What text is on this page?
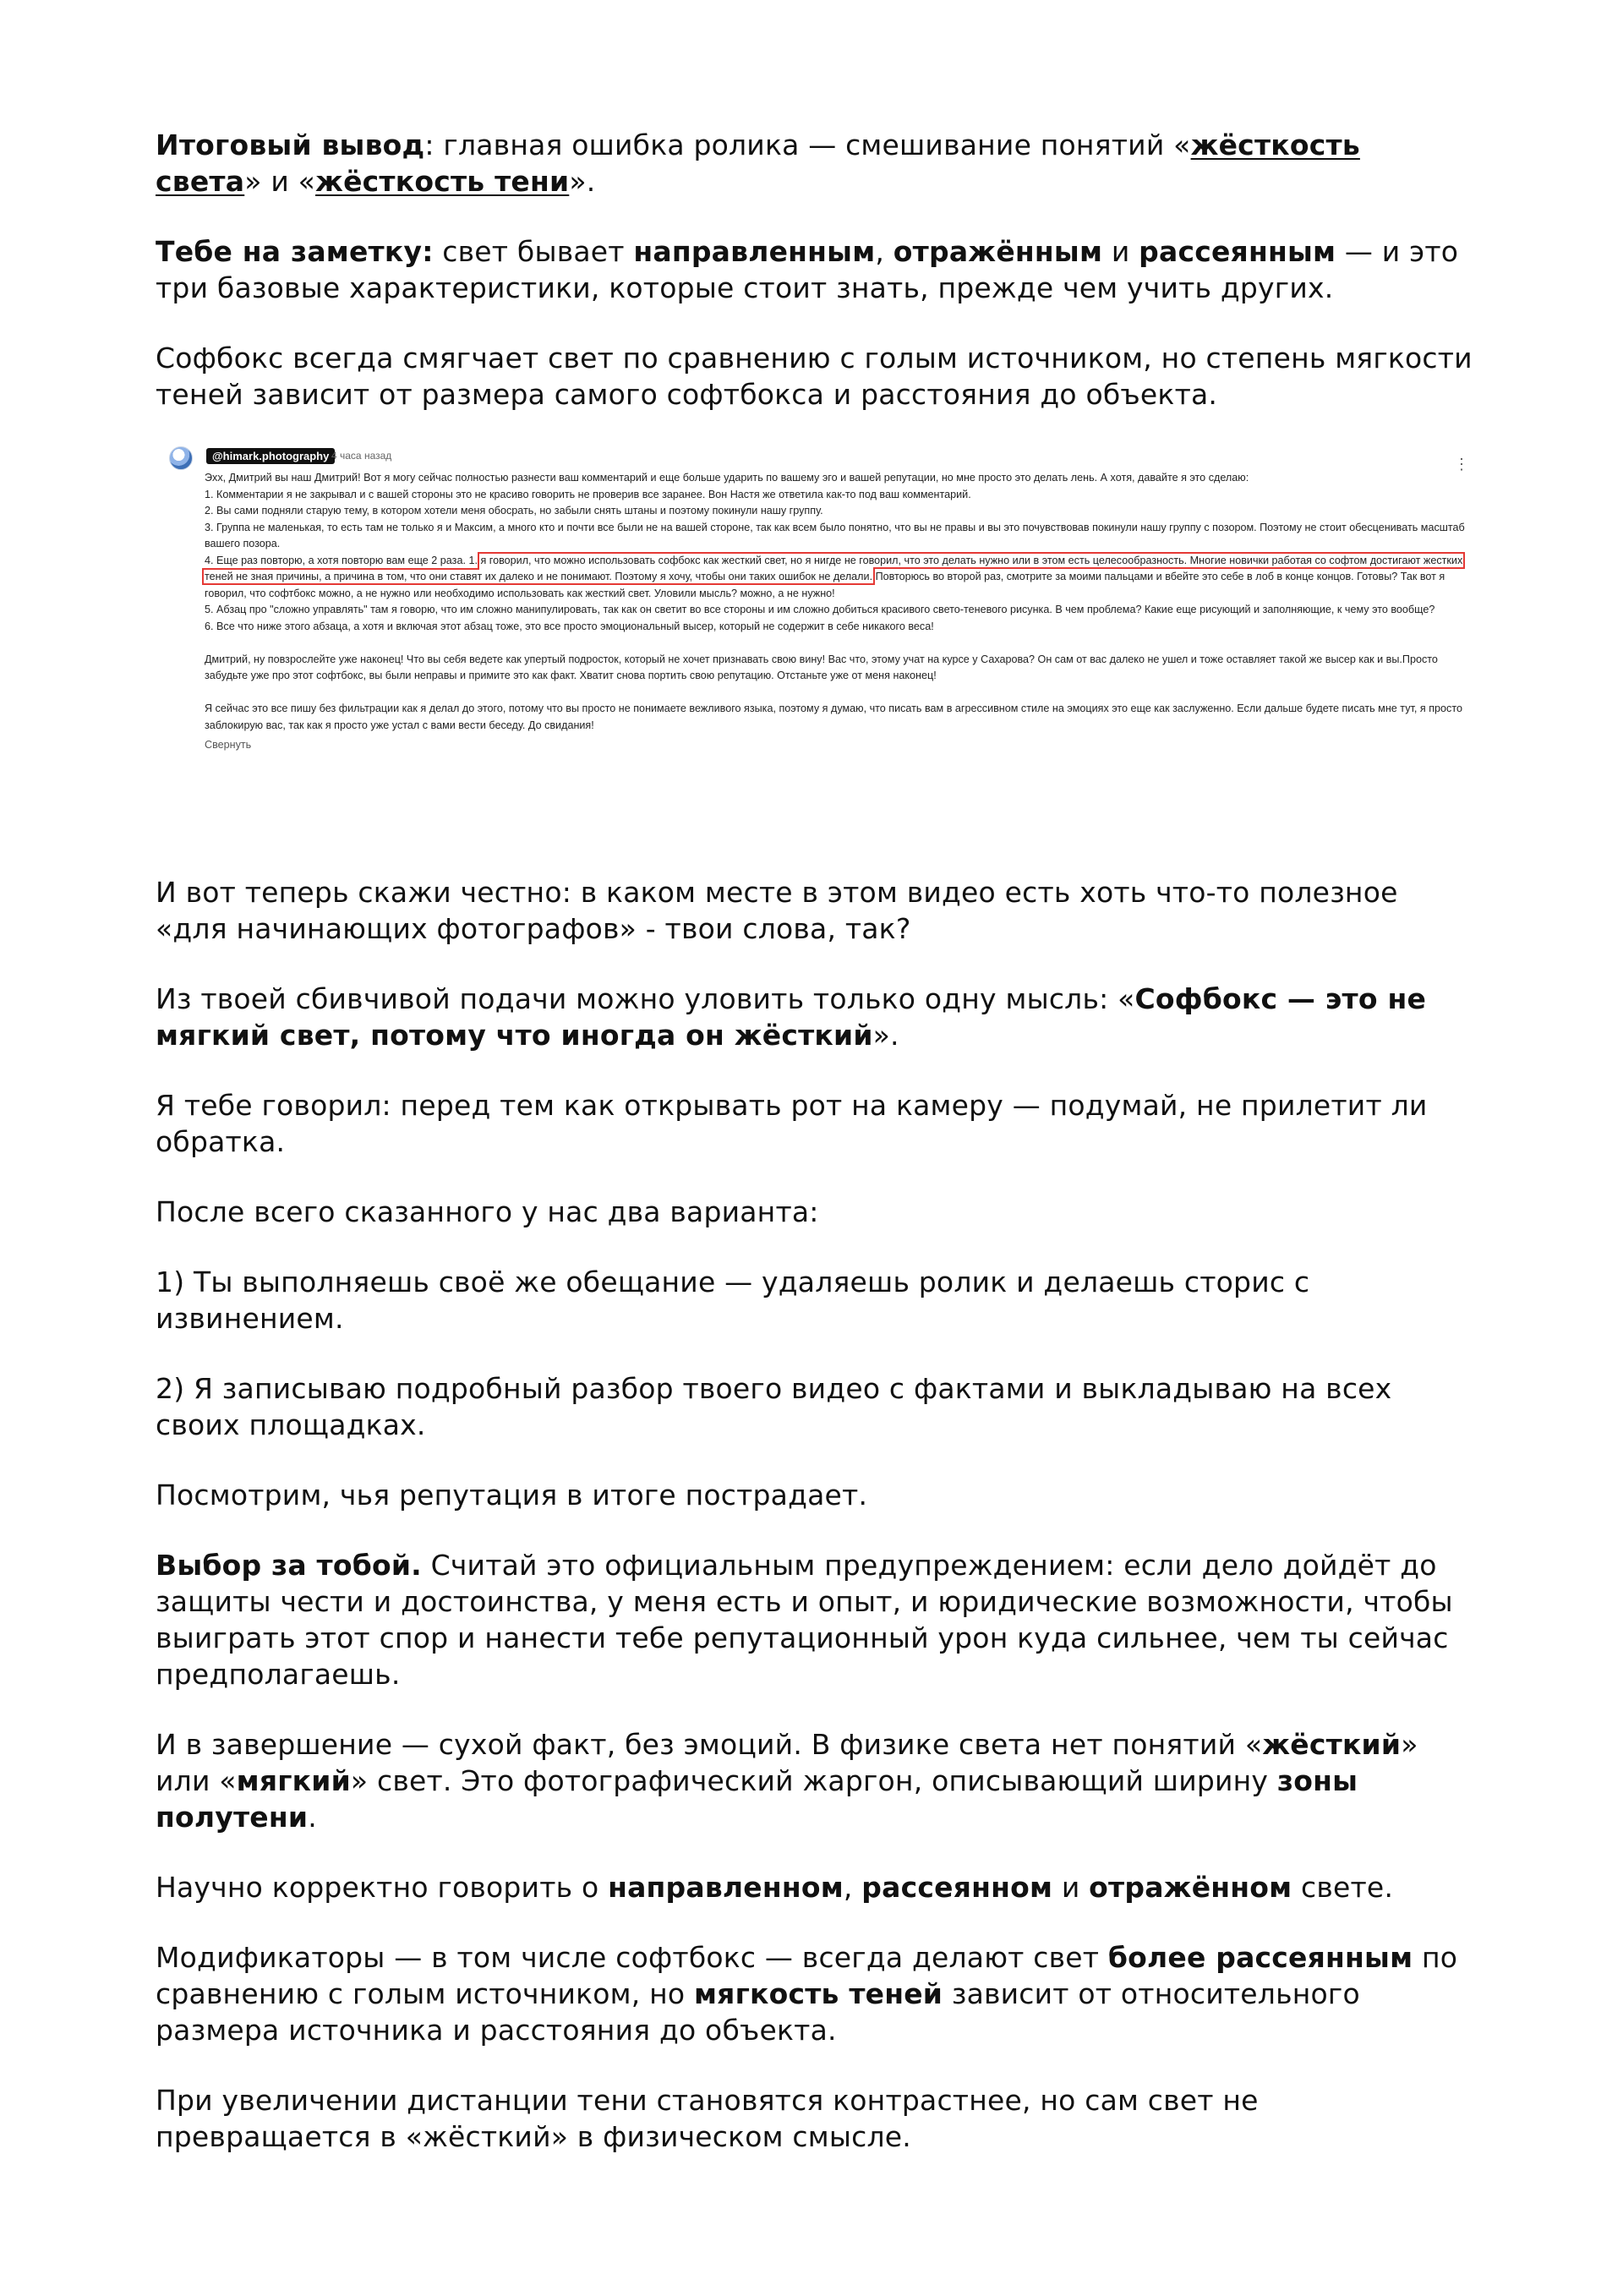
Итоговый вывод: главная ошибка ролика — смешивание понятий «жёсткость света» и «жёсткость тени».

Тебе на заметку: свет бывает направленным, отражённым и рассеянным — и это три базовые характеристики, которые стоит знать, прежде чем учить других.

Софбокс всегда смягчает свет по сравнению с голым источником, но степень мягкости теней зависит от размера самого софтбокса и расстояния до объекта.

@himark.photography 4 часа назад	⋮

Эхх, Дмитрий вы наш Дмитрий! Вот я могу сейчас полностью разнести ваш комментарий и еще больше ударить по вашему эго и вашей репутации, но мне просто это делать лень. А хотя, давайте я это сделаю:

1. Комментарии я не закрывал и с вашей стороны это не красиво говорить не проверив все заранее. Вон Настя же ответила как-то под ваш комментарий.

2. Вы сами подняли старую тему, в котором хотели меня обосрать, но забыли снять штаны и поэтому покинули нашу группу.

3. Группа не маленькая, то есть там не только я и Максим, а много кто и почти все были не на вашей стороне, так как всем было понятно, что вы не правы и вы это почувствовав покинули нашу группу с позором. Поэтому не стоит обесценивать масштаб вашего позора.

4. Еще раз повторю, а хотя повторю вам еще 2 раза. 1. я говорил, что можно использовать софбокс как жесткий свет, но я нигде не говорил, что это делать нужно или в этом есть целесообразность. Многие новички работая со софтом достигают жестких теней не зная причины, а причина в том, что они ставят их далеко и не понимают. Поэтому я хочу, чтобы они таких ошибок не делали. Повторюсь во второй раз, смотрите за моими пальцами и вбейте это себе в лоб в конце концов. Готовы? Так вот я говорил, что софтбокс можно, а не нужно или необходимо использовать как жесткий свет. Уловили мысль? можно, а не нужно!

5. Абзац про "сложно управлять" там я говорю, что им сложно манипулировать, так как он светит во все стороны и им сложно добиться красивого свето-теневого рисунка. В чем проблема? Какие еще рисующий и заполняющие, к чему это вообще?

6. Все что ниже этого абзаца, а хотя и включая этот абзац тоже, это все просто эмоциональный высер, который не содержит в себе никакого веса!

Дмитрий, ну повзрослейте уже наконец! Что вы себя ведете как упертый подросток, который не хочет признавать свою вину! Вас что, этому учат на курсе у Сахарова? Он сам от вас далеко не ушел и тоже оставляет такой же высер как и вы.Просто забудьте уже про этот софтбокс, вы были неправы и примите это как факт. Хватит снова портить свою репутацию. Отстаньте уже от меня наконец!

Я сейчас это все пишу без фильтрации как я делал до этого, потому что вы просто не понимаете вежливого языка, поэтому я думаю, что писать вам в агрессивном стиле на эмоциях это еще как заслуженно. Если дальше будете писать мне тут, я просто заблокирую вас, так как я просто уже устал с вами вести беседу. До свидания!

Свернуть

И вот теперь скажи честно: в каком месте в этом видео есть хоть что-то полезное «для начинающих фотографов» - твои слова, так?

Из твоей сбивчивой подачи можно уловить только одну мысль: «Софбокс — это не мягкий свет, потому что иногда он жёсткий».

Я тебе говорил: перед тем как открывать рот на камеру — подумай, не прилетит ли обратка.

После всего сказанного у нас два варианта:

1) Ты выполняешь своё же обещание — удаляешь ролик и делаешь сторис с извинением.

2) Я записываю подробный разбор твоего видео с фактами и выкладываю на всех своих площадках.

Посмотрим, чья репутация в итоге пострадает.

Выбор за тобой. Считай это официальным предупреждением: если дело дойдёт до защиты чести и достоинства, у меня есть и опыт, и юридические возможности, чтобы выиграть этот спор и нанести тебе репутационный урон куда сильнее, чем ты сейчас предполагаешь.

И в завершение — сухой факт, без эмоций. В физике света нет понятий «жёсткий» или «мягкий» свет. Это фотографический жаргон, описывающий ширину зоны полутени.

Научно корректно говорить о направленном, рассеянном и отражённом свете.

Модификаторы — в том числе софтбокс — всегда делают свет более рассеянным по сравнению с голым источником, но мягкость теней зависит от относительного размера источника и расстояния до объекта.

При увеличении дистанции тени становятся контрастнее, но сам свет не превращается в «жёсткий» в физическом смысле.
